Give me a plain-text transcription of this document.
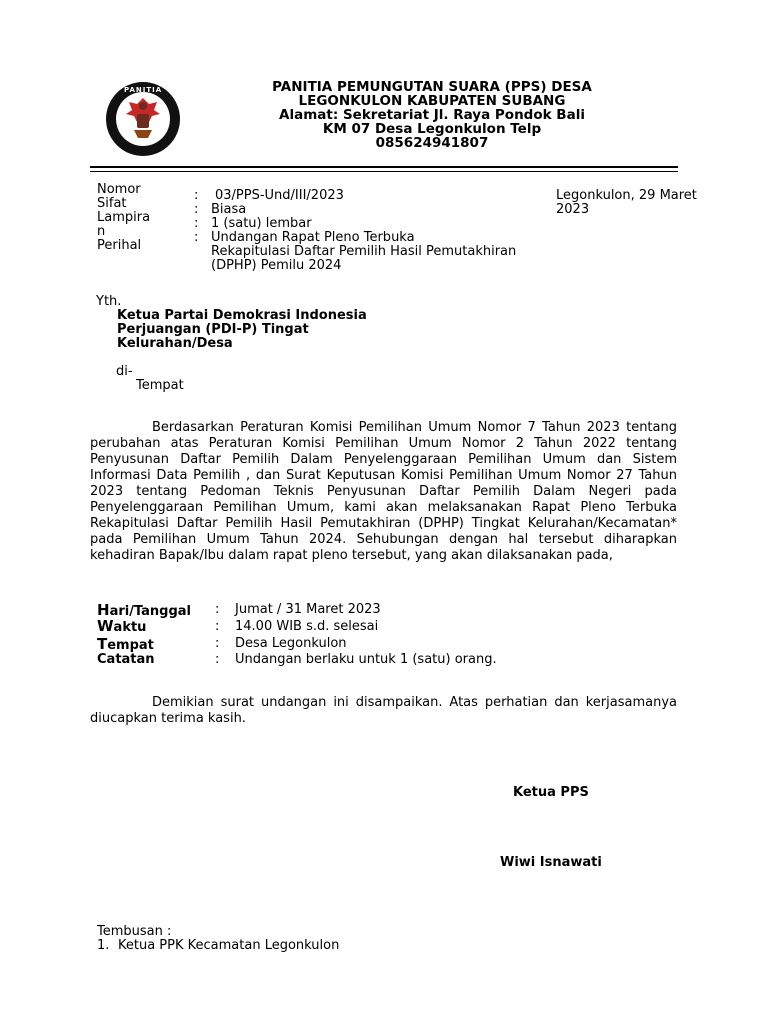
PANITIA	PANITIA PEMUNGUTAN SUARA (PPS) DESA
LEGONKULON KABUPATEN SUBANG
Alamat: Sekretariat Jl. Raya Pondok Bali
KM 07 Desa Legonkulon Telp
085624941807
Nomor
Sifat
Lampira
n
Perihal
:
:
:
:
03/PPS-Und/III/2023
Biasa
1 (satu) lembar
Undangan Rapat Pleno Terbuka
Rekapitulasi Daftar Pemilih Hasil Pemutakhiran
(DPHP) Pemilu 2024
Legonkulon, 29 Maret
2023
Yth.
Ketua Partai Demokrasi Indonesia
Perjuangan (PDI-P) Tingat
Kelurahan/Desa
di-
Tempat

Berdasarkan Peraturan Komisi Pemilihan Umum Nomor 7 Tahun 2023 tentang perubahan atas Peraturan Komisi Pemilihan Umum Nomor 2 Tahun 2022 tentang Penyusunan Daftar Pemilih Dalam Penyelenggaraan Pemilihan Umum dan Sistem Informasi Data Pemilih , dan Surat Keputusan Komisi Pemilihan Umum Nomor 27 Tahun 2023 tentang Pedoman Teknis Penyusunan Daftar Pemilih Dalam Negeri pada Penyelenggaraan Pemilihan Umum, kami akan melaksanakan Rapat Pleno Terbuka Rekapitulasi Daftar Pemilih Hasil Pemutakhiran (DPHP) Tingkat Kelurahan/Kecamatan* pada Pemilihan Umum Tahun 2024. Sehubungan dengan hal tersebut diharapkan kehadiran Bapak/Ibu dalam rapat pleno tersebut, yang akan dilaksanakan pada,

Hari/Tanggal
Waktu
Tempat
Catatan
:
:
:
:
Jumat / 31 Maret 2023
14.00 WIB s.d. selesai
Desa Legonkulon
Undangan berlaku untuk 1 (satu) orang.

Demikian surat undangan ini disampaikan. Atas perhatian dan kerjasamanya diucapkan terima kasih.

Ketua PPS
Wiwi Isnawati
Tembusan :
1. Ketua PPK Kecamatan Legonkulon
